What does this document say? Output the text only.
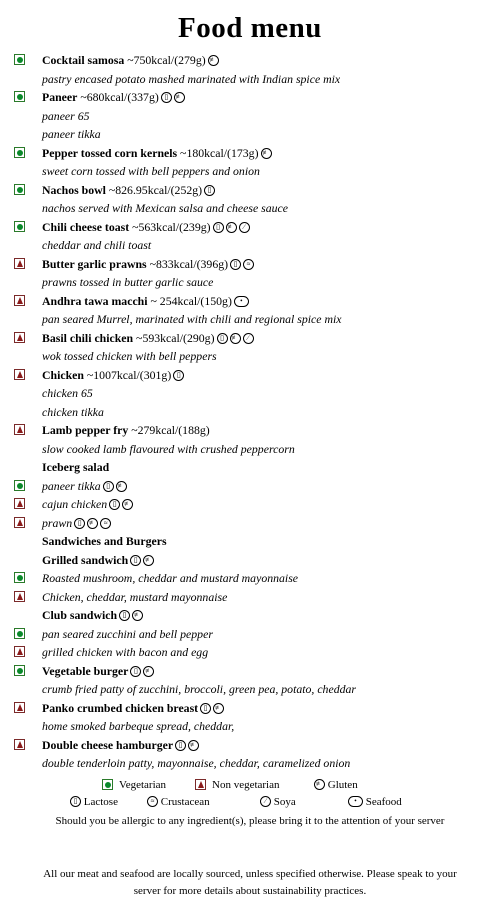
Food menu
Cocktail samosa ~750kcal/(279g)≢
pastry encased potato mashed marinated with Indian spice mix
Paneer ~680kcal/(337g)▯≢
paneer 65
paneer tikka
Pepper tossed corn kernels ~180kcal/(173g)≢
sweet corn tossed with bell peppers and onion
Nachos bowl ~826.95kcal/(252g)▯
nachos served with Mexican salsa and cheese sauce
Chili cheese toast ~563kcal/(239g)▯≢∕
cheddar and chili toast
Butter garlic prawns ~833kcal/(396g)▯≈
prawns tossed in butter garlic sauce
Andhra tawa macchi ~ 254kcal/(150g)•
pan seared Murrel, marinated with chili and regional spice mix
Basil chili chicken ~593kcal/(290g)▯≢∕
wok tossed chicken with bell peppers
Chicken ~1007kcal/(301g)▯
chicken 65
chicken tikka
Lamb pepper fry ~279kcal/(188g)
slow cooked lamb flavoured with crushed peppercorn
Iceberg salad
paneer tikka▯≢
cajun chicken▯≢
prawn▯≢≈
Sandwiches and Burgers
Grilled sandwich▯≢
Roasted mushroom, cheddar and mustard mayonnaise
Chicken, cheddar, mustard mayonnaise
Club sandwich▯≢
pan seared zucchini and bell pepper
grilled chicken with bacon and egg
Vegetable burger▯≢
crumb fried patty of zucchini, broccoli, green pea, potato, cheddar
Panko crumbed chicken breast▯≢
home smoked barbeque spread, cheddar,
Double cheese hamburger▯≢
double tenderloin patty, mayonnaise, cheddar, caramelized onion
Vegetarian	Non vegetarian ≢	Gluten
▯ Lactose ≈	Crustacean ∕	Soya •	Seafood
Should you be allergic to any ingredient(s), please bring it to the attention of your server
All our meat and seafood are locally sourced, unless specified otherwise. Please speak to your
server for more details about sustainability practices.
